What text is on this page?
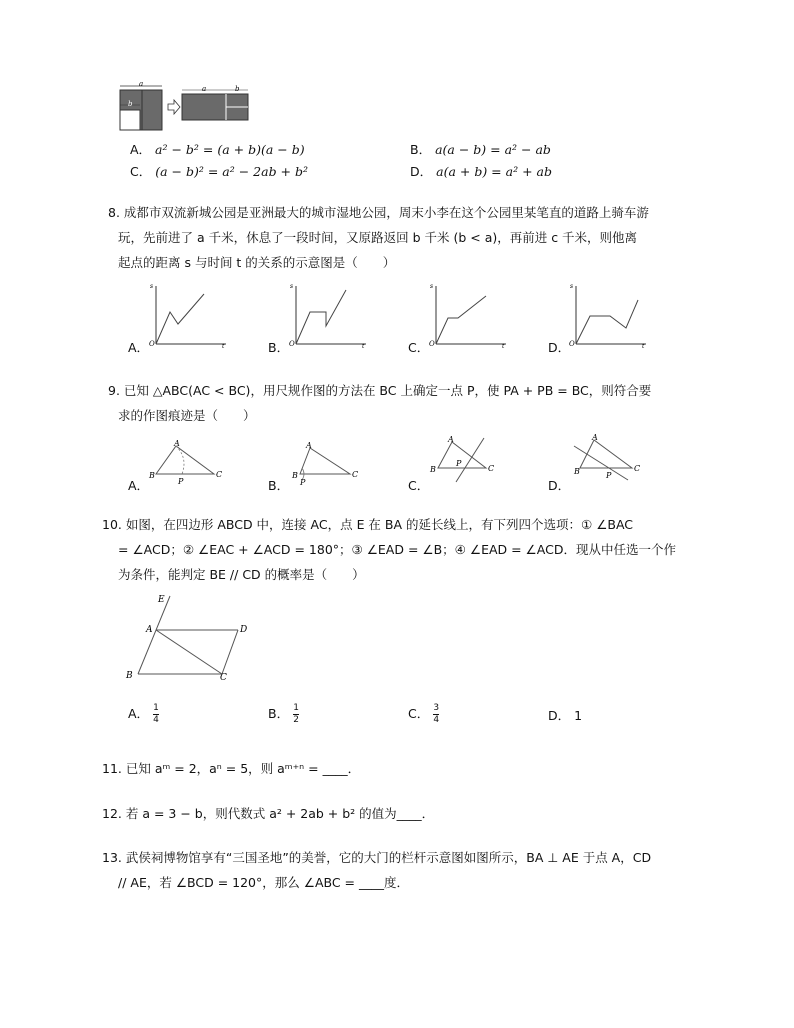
a
b
a	b
A． a² − b² = (a + b)(a − b)	B． a(a − b) = a² − ab
C． (a − b)² = a² − 2ab + b²	D． a(a + b) = a² + ab
8. 成都市双流新城公园是亚洲最大的城市湿地公园，周末小李在这个公园里某笔直的道路上骑车游
玩，先前进了 a 千米，休息了一段时间，又原路返回 b 千米 (b < a)，再前进 c 千米，则他离
起点的距离 s 与时间 t 的关系的示意图是（　　）
s
t
O
s
t
O
s
t
O
s
t
O
A．	B．	C．	D．
9. 已知 △ABC(AC < BC)，用尺规作图的方法在 BC 上确定一点 P，使 PA + PB = BC，则符合要
求的作图痕迹是（　　）
A
B	C
P
A
B	C
P
A
B	C
P
A
B	C
P
A．	B．	C．	D．
10. 如图，在四边形 ABCD 中，连接 AC，点 E 在 BA 的延长线上，有下列四个选项：① ∠BAC
= ∠ACD；② ∠EAC + ∠ACD = 180°；③ ∠EAD = ∠B；④ ∠EAD = ∠ACD．现从中任选一个作
为条件，能判定 BE // CD 的概率是（　　）
E
A	D
B	C
A． $\frac{1}{4}$	B． $\frac{1}{2}$	C． $\frac{3}{4}$	D． 1
11. 已知 aᵐ = 2，aⁿ = 5，则 aᵐ⁺ⁿ = ____．
12. 若 a = 3 − b，则代数式 a² + 2ab + b² 的值为____．
13. 武侯祠博物馆享有“三国圣地”的美誉，它的大门的栏杆示意图如图所示，BA ⊥ AE 于点 A，CD
// AE，若 ∠BCD = 120°，那么 ∠ABC = ____度．
